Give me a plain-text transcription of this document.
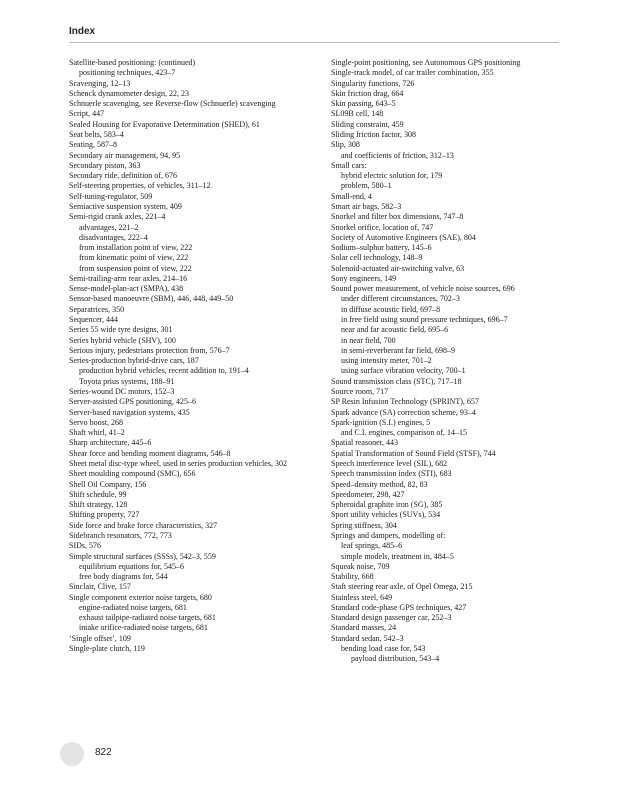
Index
Satellite-based positioning: (continued)
positioning techniques, 423–7
Scavenging, 12–13
Schenck dynamometer design, 22, 23
Schnuerle scavenging, see Reverse-flow (Schnuerle) scavenging
Script, 447
Sealed Housing for Evaporative Determination (SHED), 61
Seat belts, 583–4
Seating, 587–8
Secondary air management, 94, 95
Secondary piston, 363
Secondary ride, definition of, 676
Self-steering properties, of vehicles, 311–12
Self-tuning-regulator, 509
Semiactive suspension system, 409
Semi-rigid crank axles, 221–4
advantages, 221–2
disadvantages, 222–4
from installation point of view, 222
from kinematic point of view, 222
from suspension point of view, 222
Semi-trailing-arm rear axles, 214–16
Sense-model-plan-act (SMPA), 438
Sensor-based manoeuvre (SBM), 446, 448, 449–50
Separatrices, 350
Sequencer, 444
Series 55 wide tyre designs, 301
Series hybrid vehicle (SHV), 100
Serious injury, pedestrians protection from, 576–7
Series-production hybrid-drive cars, 187
production hybrid vehicles, recent addition to, 191–4
Toyota prius systems, 188–91
Series-wound DC motors, 152–3
Server-assisted GPS positioning, 425–6
Server-based navigation systems, 435
Servo boost, 268
Shaft whirl, 41–2
Sharp architecture, 445–6
Shear force and bending moment diagrams, 546–8
Sheet metal disc-type wheel, used in series production vehicles, 302
Sheet moulding compound (SMC), 656
Shell Oil Company, 156
Shift schedule, 99
Shift strategy, 128
Shifting property, 727
Side force and brake force characteristics, 327
Sidebranch resonators, 772, 773
SIDs, 576
Simple structural surfaces (SSSs), 542–3, 559
equilibrium equations for, 545–6
free body diagrams for, 544
Sinclair, Clive, 157
Single component exterior noise targets, 680
engine-radiated noise targets, 681
exhaust tailpipe-radiated noise targets, 681
intake orifice-radiated noise targets, 681
‘Single offset’, 109
Single-plate clutch, 119
Single-point positioning, see Autonomous GPS positioning
Single-track model, of car trailer combination, 355
Singularity functions, 726
Skin friction drag, 664
Skin passing, 643–5
SL09B cell, 148
Sliding constraint, 459
Sliding friction factor, 308
Slip, 308
and coefficients of friction, 312–13
Small cars:
hybrid electric solution for, 179
problem, 580–1
Small-end, 4
Smart air bags, 582–3
Snorkel and filter box dimensions, 747–8
Snorkel orifice, location of, 747
Society of Automotive Engineers (SAE), 804
Sodium–sulphur battery, 145–6
Solar cell technology, 148–9
Solenoid-actuated air-switching valve, 63
Sony engineers, 149
Sound power measurement, of vehicle noise sources, 696
under different circumstances, 702–3
in diffuse acoustic field, 697–8
in free field using sound pressure techniques, 696–7
near and far acoustic field, 695–6
in near field, 700
in semi-reverberant far field, 698–9
using intensity meter, 701–2
using surface vibration velocity, 700–1
Sound transmission class (STC), 717–18
Source room, 717
SP Resin Infusion Technology (SPRINT), 657
Spark advance (SA) correction scheme, 93–4
Spark-ignition (S.I.) engines, 5
and C.I. engines, comparison of, 14–15
Spatial reasoner, 443
Spatial Transformation of Sound Field (STSF), 744
Speech interference level (SIL), 682
Speech transmission index (STI), 683
Speed–density method, 82, 83
Speedometer, 298, 427
Spheroidal graphite iron (SG), 385
Sport utility vehicles (SUVs), 534
Spring stiffness, 304
Springs and dampers, modelling of:
leaf springs, 485–6
simple models, treatment in, 484–5
Squeak noise, 709
Stability, 668
Staft steering rear axle, of Opel Omega, 215
Stainless steel, 649
Standard code-phase GPS techniques, 427
Standard design passenger car, 252–3
Standard masses, 24
Standard sedan, 542–3
bending load case for, 543
payload distribution, 543–4
822
